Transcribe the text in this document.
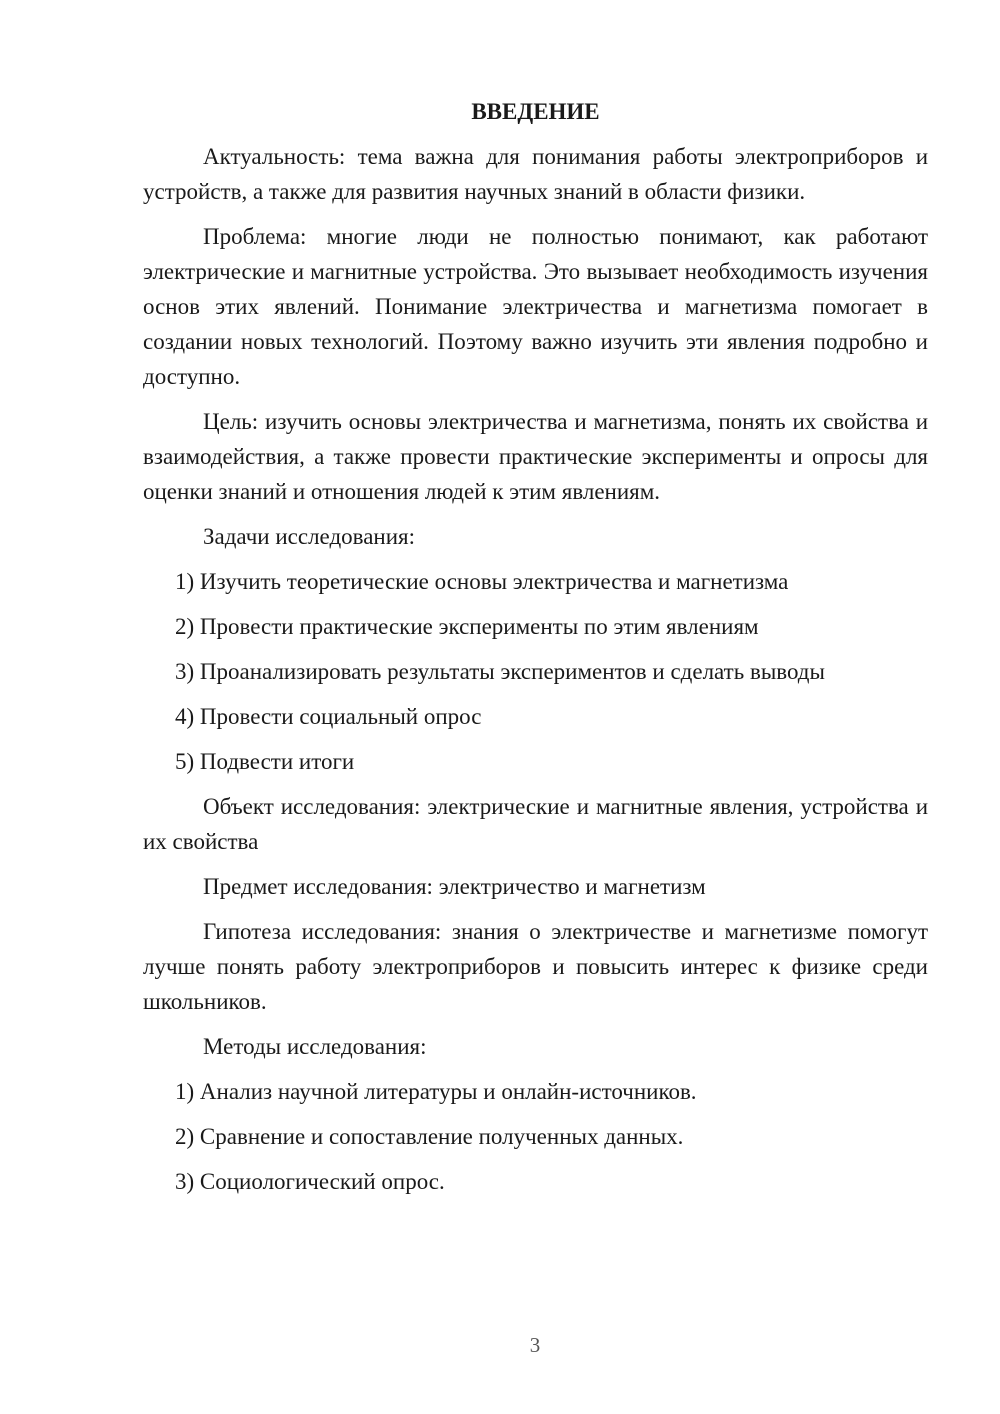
ВВЕДЕНИЕ
Актуальность: тема важна для понимания работы электроприборов и устройств, а также для развития научных знаний в области физики.
Проблема: многие люди не полностью понимают, как работают электрические и магнитные устройства. Это вызывает необходимость изучения основ этих явлений. Понимание электричества и магнетизма помогает в создании новых технологий. Поэтому важно изучить эти явления подробно и доступно.
Цель: изучить основы электричества и магнетизма, понять их свойства и взаимодействия, а также провести практические эксперименты и опросы для оценки знаний и отношения людей к этим явлениям.
Задачи исследования:
1) Изучить теоретические основы электричества и магнетизма
2) Провести практические эксперименты по этим явлениям
3) Проанализировать результаты экспериментов и сделать выводы
4) Провести социальный опрос
5) Подвести итоги
Объект исследования: электрические и магнитные явления, устройства и их свойства
Предмет исследования: электричество и магнетизм
Гипотеза исследования: знания о электричестве и магнетизме помогут лучше понять работу электроприборов и повысить интерес к физике среди школьников.
Методы исследования:
1) Анализ научной литературы и онлайн-источников.
2) Сравнение и сопоставление полученных данных.
3) Социологический опрос.
3
